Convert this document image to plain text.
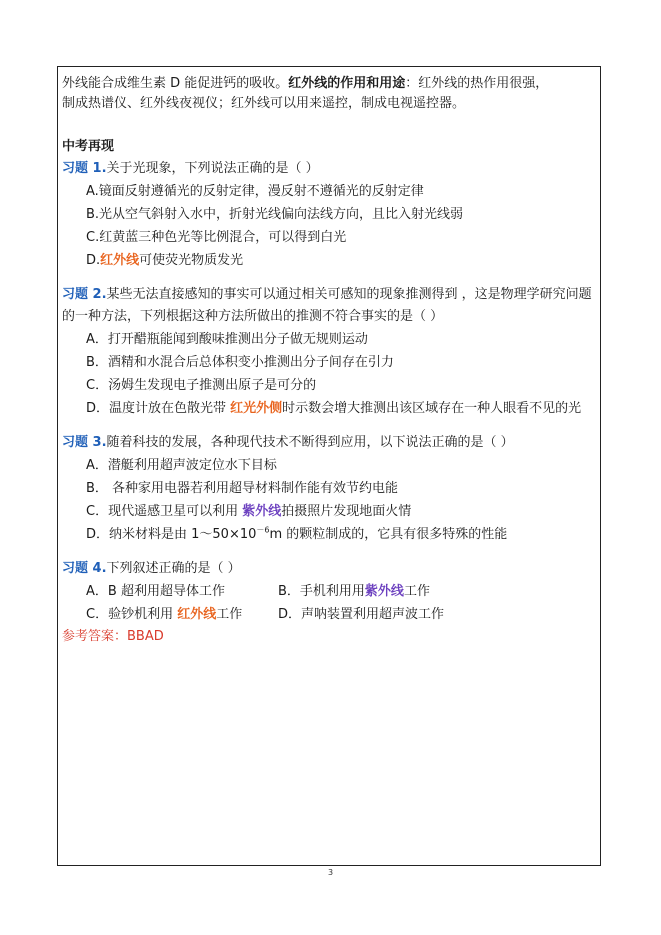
外线能合成维生素 D 能促进钙的吸收。红外线的作用和用途：红外线的热作用很强，
制成热谱仪、红外线夜视仪；红外线可以用来遥控，制成电视遥控器。
中考再现
习题 1.关于光现象，下列说法正确的是（ ）
A.镜面反射遵循光的反射定律，漫反射不遵循光的反射定律
B.光从空气斜射入水中，折射光线偏向法线方向，且比入射光线弱
C.红黄蓝三种色光等比例混合，可以得到白光
D.红外线可使荧光物质发光
习题 2.某些无法直接感知的事实可以通过相关可感知的现象推测得到 ，这是物理学研究问题
的一种方法，下列根据这种方法所做出的推测不符合事实的是（ ）
A．打开醋瓶能闻到酸味推测出分子做无规则运动
B．酒精和水混合后总体积变小推测出分子间存在引力
C．汤姆生发现电子推测出原子是可分的
D．温度计放在色散光带 红光外侧时示数会增大推测出该区域存在一种人眼看不见的光
习题 3.随着科技的发展，各种现代技术不断得到应用，以下说法正确的是（ ）
A．潜艇利用超声波定位水下目标
B． 各种家用电器若利用超导材料制作能有效节约电能
C．现代遥感卫星可以利用 紫外线拍摄照片发现地面火情
D．纳米材料是由 $1\sim 50\times 10^{-6}m$ 的颗粒制成的，它具有很多特殊的性能
习题 4.下列叙述正确的是（ ）
A．B 超利用超导体工作	B．手机利用用紫外线工作
C．验钞机利用 红外线工作	D．声呐装置利用超声波工作
参考答案：BBAD
3
